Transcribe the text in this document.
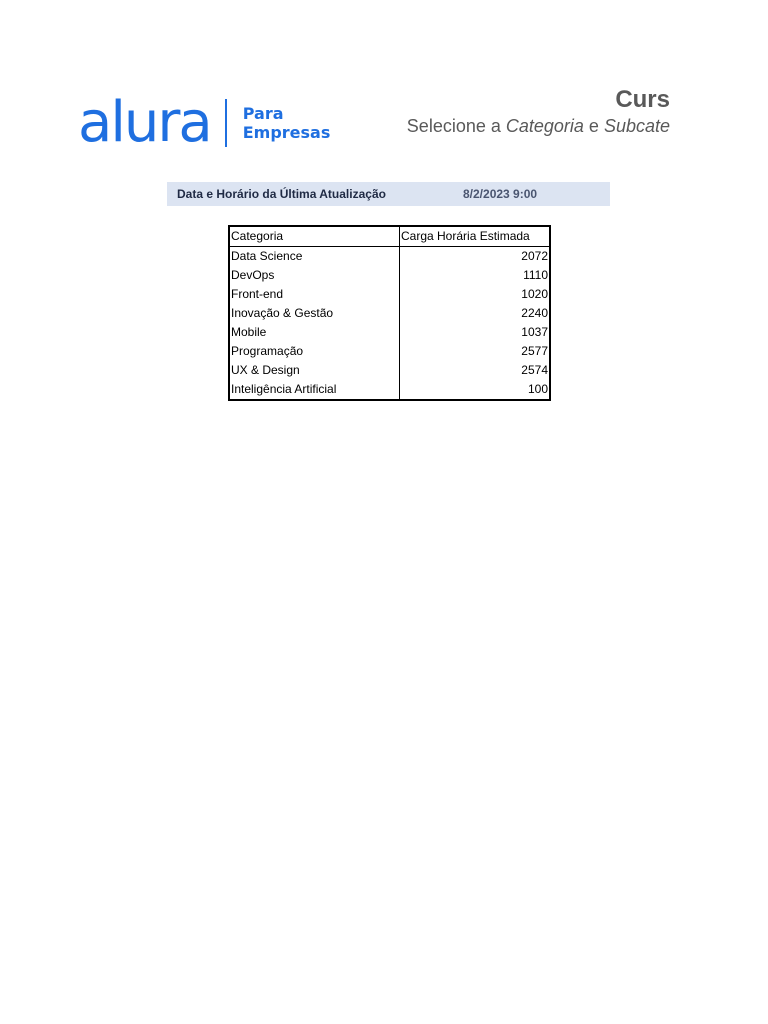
alura Para
Empresas
Curs
Selecione a Categoria e Subcate
Data e Horário da Última Atualização	8/2/2023 9:00
Categoria	Carga Horária Estimada
Data Science	2072
DevOps	1110
Front-end	1020
Inovação & Gestão	2240
Mobile	1037
Programação	2577
UX & Design	2574
Inteligência Artificial	100
